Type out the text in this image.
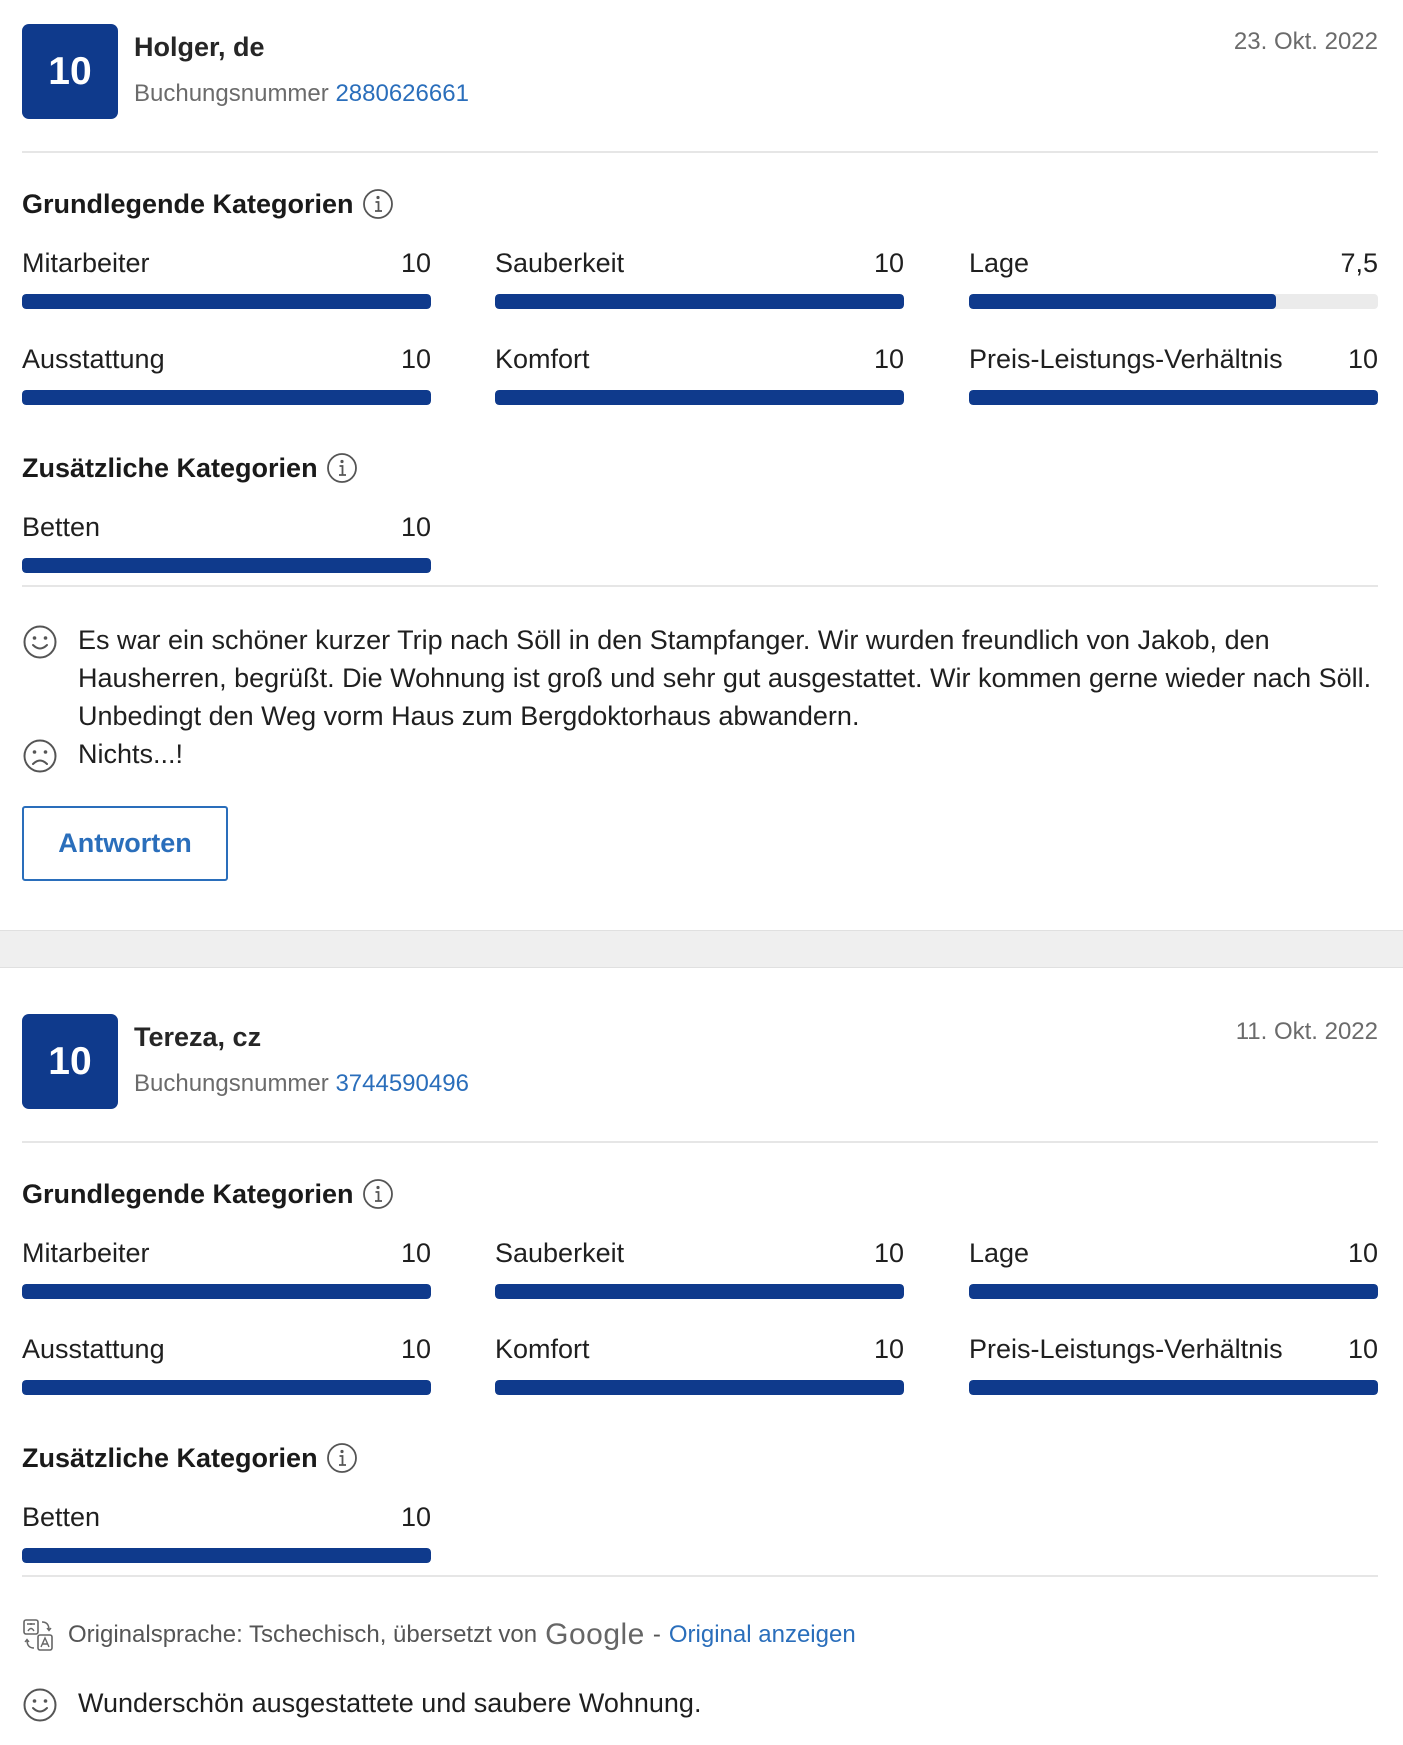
10
Holger, de
Buchungsnummer 2880626661
23. Okt. 2022
Grundlegende Kategorien
Mitarbeiter	10 Sauberkeit	10 Lage	7,5
Ausstattung	10 Komfort	10 Preis-Leistungs-Verhältnis 10
Zusätzliche Kategorien
Betten	10
Es war ein schöner kurzer Trip nach Söll in den Stampfanger. Wir wurden freundlich von Jakob, den Hausherren, begrüßt. Die Wohnung ist groß und sehr gut ausgestattet. Wir kommen gerne wieder nach Söll. Unbedingt den Weg vorm Haus zum Bergdoktorhaus abwandern.
Nichts...!
Antworten
10
Tereza, cz
Buchungsnummer 3744590496
11. Okt. 2022
Grundlegende Kategorien
Mitarbeiter	10 Sauberkeit	10 Lage	10
Ausstattung	10 Komfort	10 Preis-Leistungs-Verhältnis 10
Zusätzliche Kategorien
Betten	10
Originalsprache: Tschechisch, übersetzt von Google - Original anzeigen
Wunderschön ausgestattete und saubere Wohnung.
